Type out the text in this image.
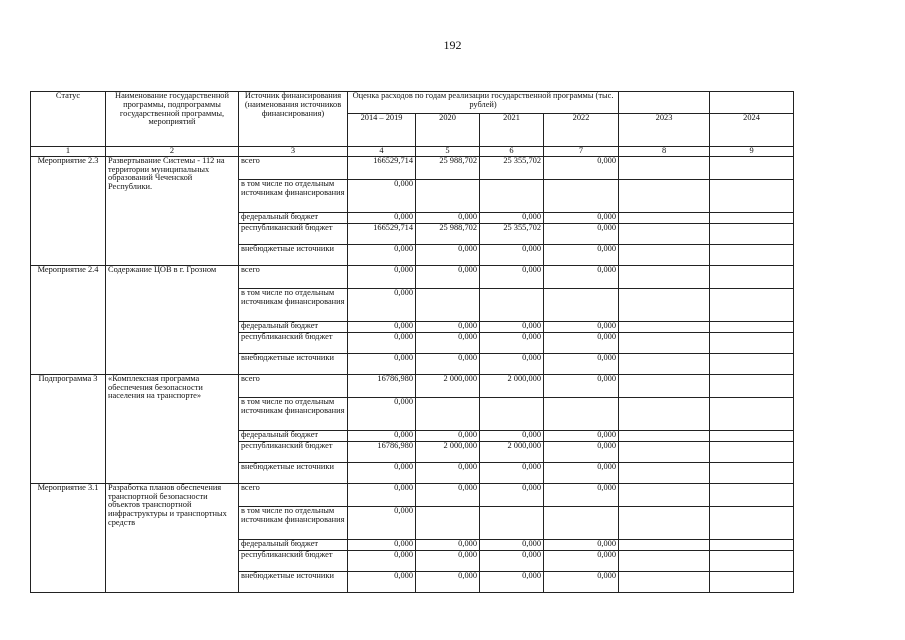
192
Статус	Наименование государственной программы, подпрограммы государственной программы, мероприятий	Источник финансирования (наименования источников финансирования)	Оценка расходов по годам реализации государственной программы (тыс. рублей)					
			2014 – 2019	2020	2021	2022	2023	2024
1	2	3	4	5	6	7	8	9
Мероприятие 2.3	Развертывание Системы - 112 на территории муниципальных образований Чеченской Республики.	всего	166529,714	25 988,702	25 355,702	0,000		
		в том числе по отдельным источникам финансирования	0,000					
		федеральный бюджет	0,000	0,000	0,000	0,000		
		республиканский бюджет	166529,714	25 988,702	25 355,702	0,000		
		внебюджетные источники	0,000	0,000	0,000	0,000		
Мероприятие 2.4	Содержание ЦОВ в г. Грозном	всего	0,000	0,000	0,000	0,000		
		в том числе по отдельным источникам финансирования	0,000					
		федеральный бюджет	0,000	0,000	0,000	0,000		
		республиканский бюджет	0,000	0,000	0,000	0,000		
		внебюджетные источники	0,000	0,000	0,000	0,000		
Подпрограмма 3	«Комплексная программа обеспечения безопасности населения на транспорте»	всего	16786,980	2 000,000	2 000,000	0,000		
		в том числе по отдельным источникам финансирования	0,000					
		федеральный бюджет	0,000	0,000	0,000	0,000		
		республиканский бюджет	16786,980	2 000,000	2 000,000	0,000		
		внебюджетные источники	0,000	0,000	0,000	0,000		
Мероприятие 3.1	Разработка планов обеспечения транспортной безопасности объектов транспортной инфраструктуры и транспортных средств	всего	0,000	0,000	0,000	0,000		
		в том числе по отдельным источникам финансирования	0,000					
		федеральный бюджет	0,000	0,000	0,000	0,000		
		республиканский бюджет	0,000	0,000	0,000	0,000		
		внебюджетные источники	0,000	0,000	0,000	0,000		
